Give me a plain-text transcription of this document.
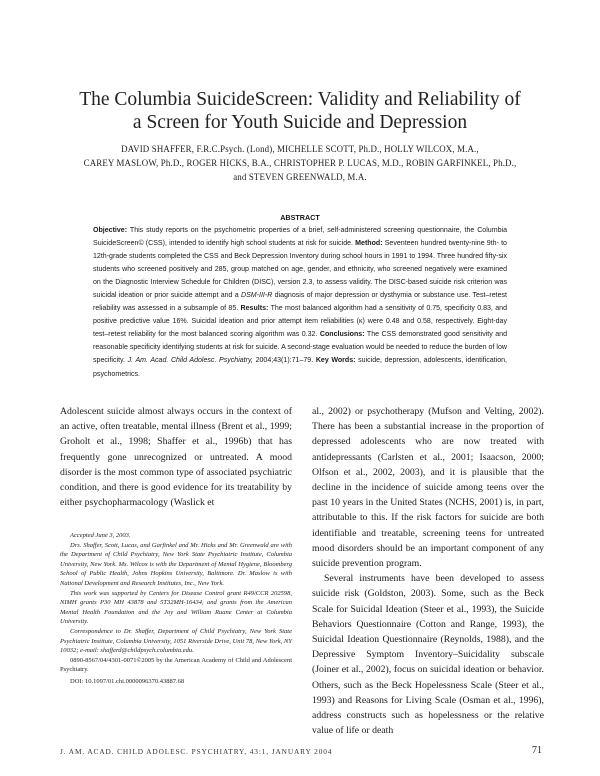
The Columbia SuicideScreen: Validity and Reliability of
a Screen for Youth Suicide and Depression
DAVID SHAFFER, F.R.C.Psych. (Lond), MICHELLE SCOTT, Ph.D., HOLLY WILCOX, M.A.,
CAREY MASLOW, Ph.D., ROGER HICKS, B.A., CHRISTOPHER P. LUCAS, M.D., ROBIN GARFINKEL, Ph.D.,
and STEVEN GREENWALD, M.A.
ABSTRACT
Objective: This study reports on the psychometric properties of a brief, self-administered screening questionnaire, the Columbia SuicideScreen© (CSS), intended to identify high school students at risk for suicide. Method: Seventeen hundred twenty-nine 9th- to 12th-grade students completed the CSS and Beck Depression Inventory during school hours in 1991 to 1994. Three hundred fifty-six students who screened positively and 285, group matched on age, gender, and ethnicity, who screened negatively were examined on the Diagnostic Interview Schedule for Children (DISC), version 2.3, to assess validity. The DISC-based suicide risk criterion was suicidal ideation or prior suicide attempt and a DSM-III-R diagnosis of major depression or dysthymia or substance use. Test–retest reliability was assessed in a subsample of 85. Results: The most balanced algorithm had a sensitivity of 0.75, specificity 0.83, and positive predictive value 16%. Suicidal ideation and prior attempt item reliabilities (κ) were 0.48 and 0.58, respectively. Eight-day test–retest reliability for the most balanced scoring algorithm was 0.32. Conclusions: The CSS demonstrated good sensitivity and reasonable specificity identifying students at risk for suicide. A second-stage evaluation would be needed to reduce the burden of low specificity. J. Am. Acad. Child Adolesc. Psychiatry, 2004;43(1):71–79. Key Words: suicide, depression, adolescents, identification, psychometrics.

Adolescent suicide almost always occurs in the context of an active, often treatable, mental illness (Brent et al., 1999; Groholt et al., 1998; Shaffer et al., 1996b) that has frequently gone unrecognized or untreated. A mood disorder is the most common type of associated psychiatric condition, and there is good evidence for its treatability by either psychopharmacology (Waslick et

al., 2002) or psychotherapy (Mufson and Velting, 2002). There has been a substantial increase in the proportion of depressed adolescents who are now treated with antidepressants (Carlsten et al., 2001; Isaacson, 2000; Olfson et al., 2002, 2003), and it is plausible that the decline in the incidence of suicide among teens over the past 10 years in the United States (NCHS, 2001) is, in part, attributable to this. If the risk factors for suicide are both identifiable and treatable, screening teens for untreated mood disorders should be an important component of any suicide prevention program.

Several instruments have been developed to assess suicide risk (Goldston, 2003). Some, such as the Beck Scale for Suicidal Ideation (Steer et al., 1993), the Suicide Behaviors Questionnaire (Cotton and Range, 1993), the Suicidal Ideation Questionnaire (Reynolds, 1988), and the Depressive Symptom Inventory–Suicidality subscale (Joiner et al., 2002), focus on suicidal ideation or behavior. Others, such as the Beck Hopelessness Scale (Steer et al., 1993) and Reasons for Living Scale (Osman et al., 1996), address constructs such as hopelessness or the relative value of life or death

Accepted June 3, 2003.

Drs. Shaffer, Scott, Lucas, and Garfinkel and Mr. Hicks and Mr. Greenwald are with the Department of Child Psychiatry, New York State Psychiatric Institute, Columbia University, New York. Ms. Wilcox is with the Department of Mental Hygiene, Bloomberg School of Public Health, Johns Hopkins University, Baltimore. Dr. Maslow is with National Development and Research Institutes, Inc., New York.

This work was supported by Centers for Disease Control grant R49/CCR 202598, NIMH grants P30 MH 43878 and 5T32MH-16434, and grants from the American Mental Health Foundation and the Joy and William Ruane Center at Columbia University.

Correspondence to Dr. Shaffer, Department of Child Psychiatry, New York State Psychiatric Institute, Columbia University, 1051 Riverside Drive, Unit 78, New York, NY 10032; e-mail: shafferd@childpsych.columbia.edu.

0890-8567/04/4301-0071©2005 by the American Academy of Child and Adolescent Psychiatry.

DOI: 10.1097/01.chi.0000096370.43887.68

J. AM. ACAD. CHILD ADOLESC. PSYCHIATRY, 43:1, JANUARY 2004	71
